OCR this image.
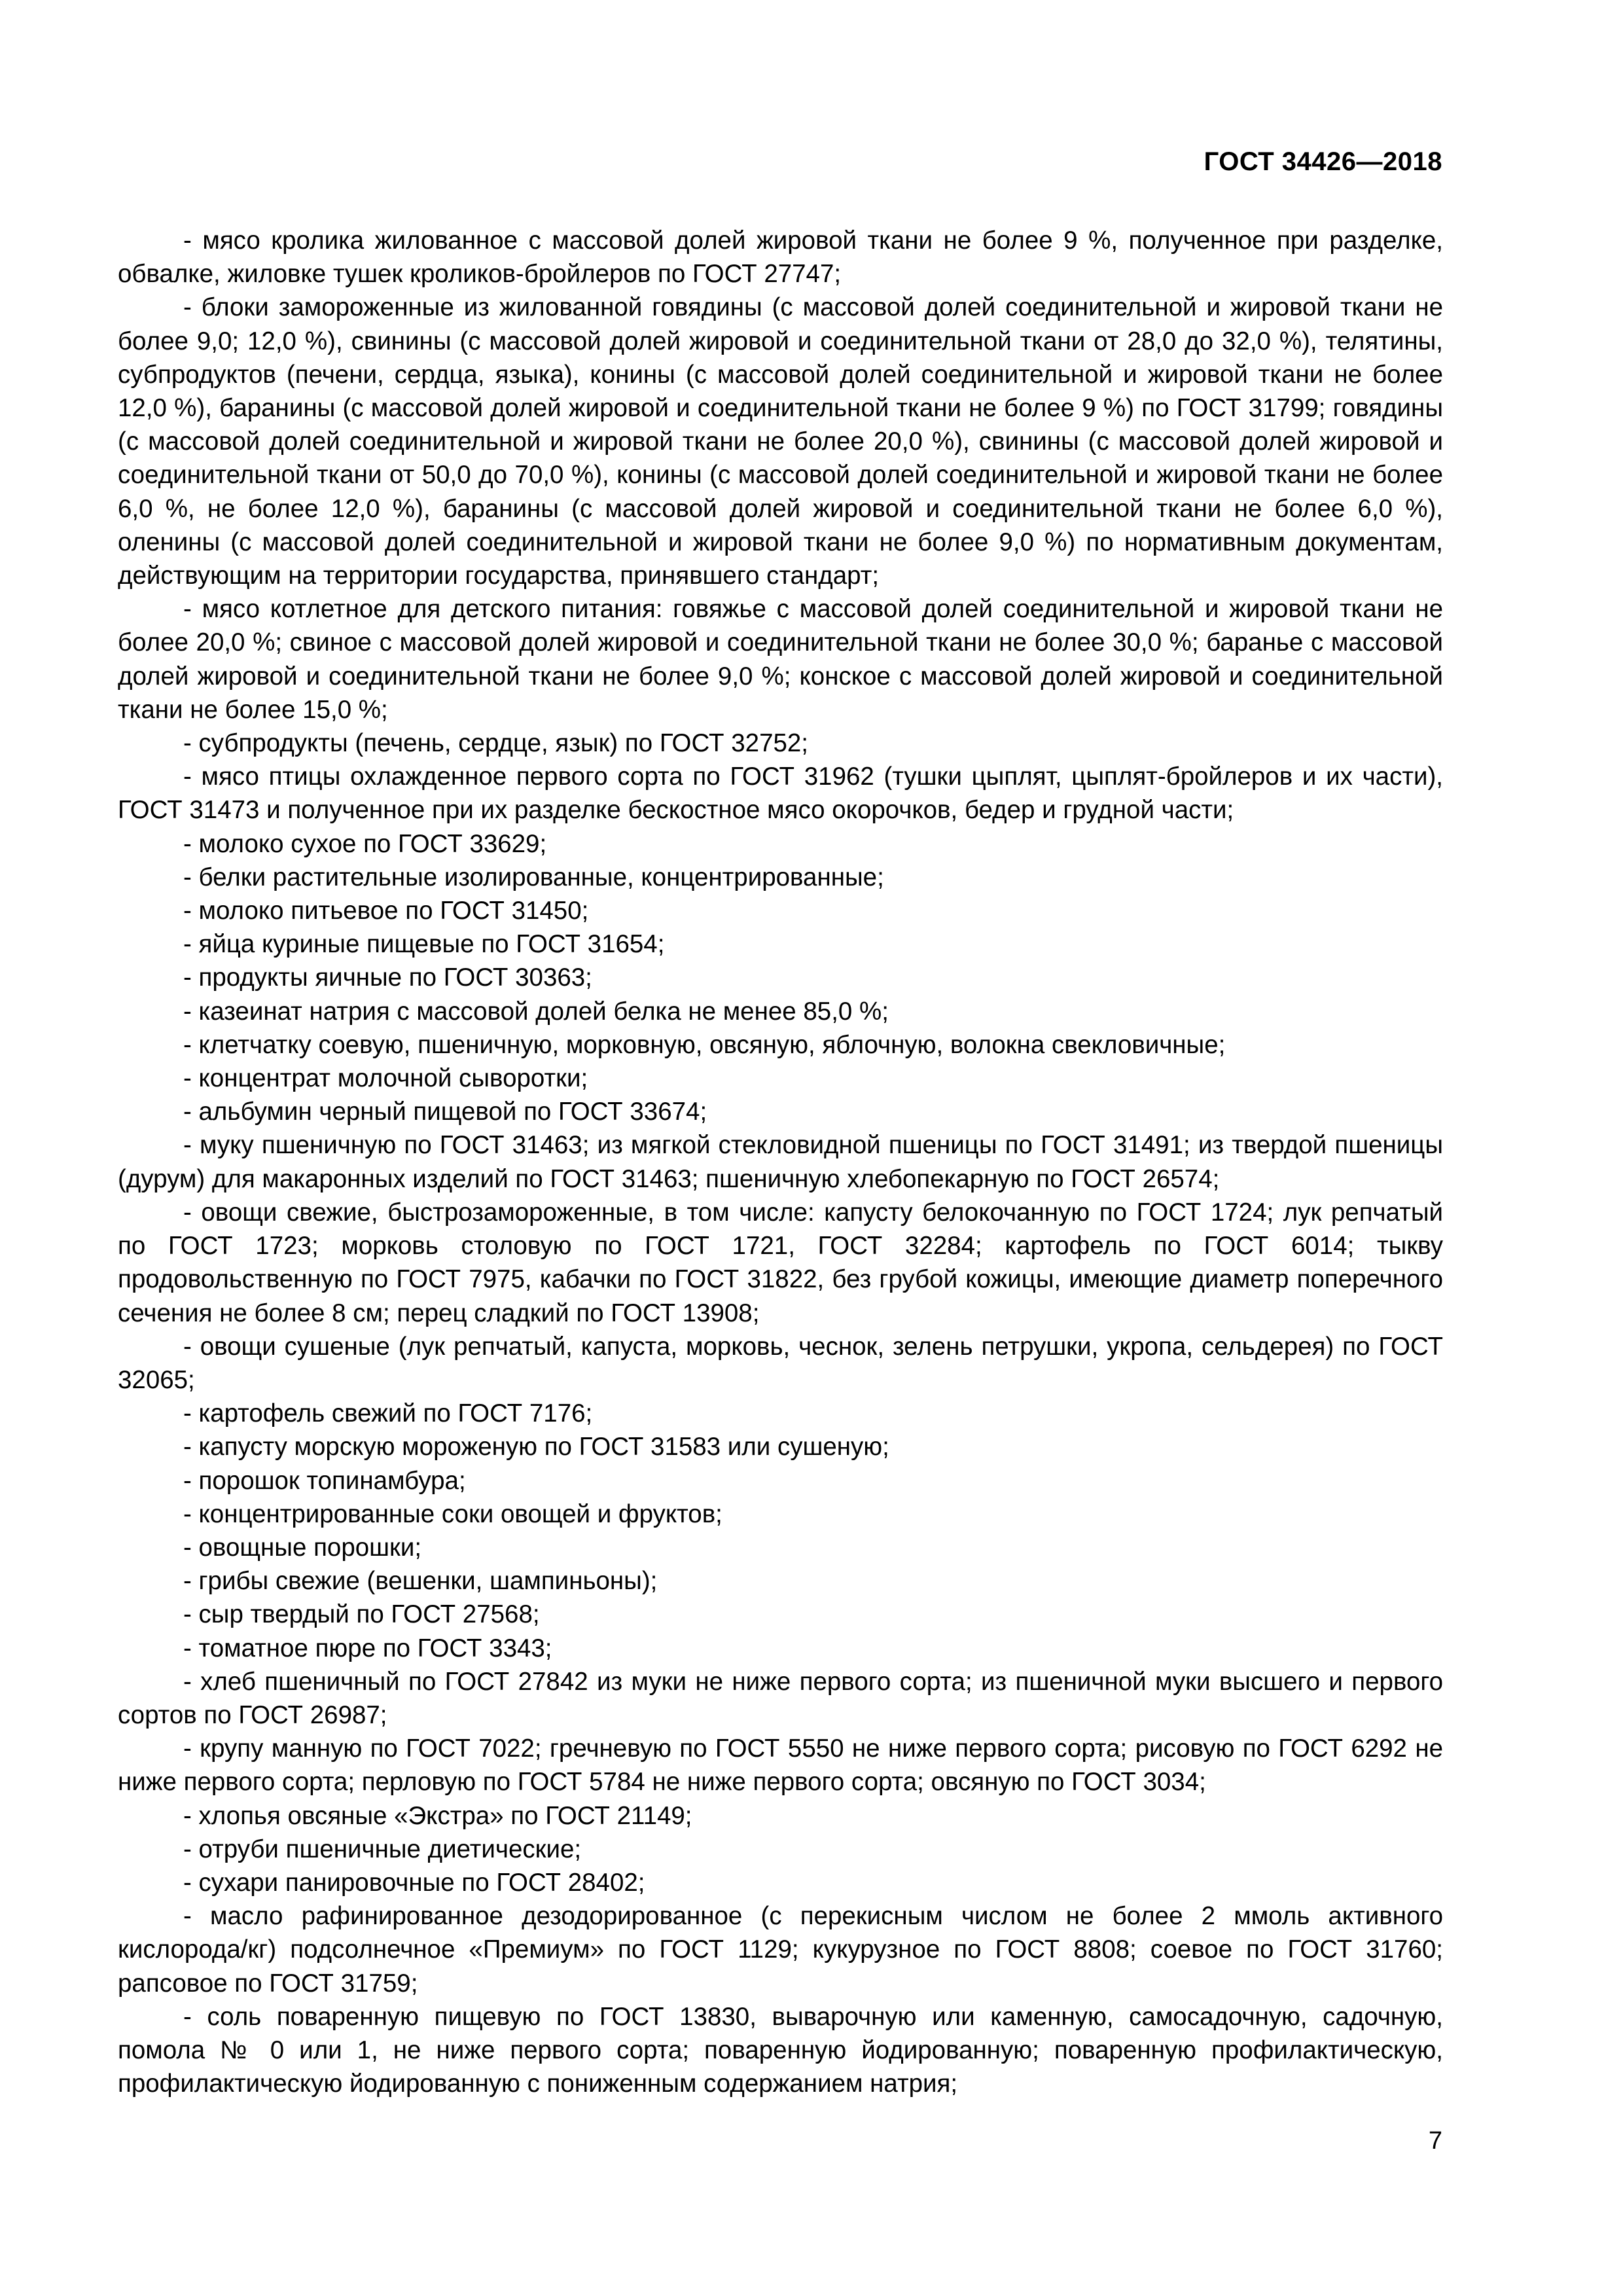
ГОСТ 34426—2018

- мясо кролика жилованное с массовой долей жировой ткани не более 9 %, полученное при разделке, обвалке, жиловке тушек кроликов-бройлеров по ГОСТ 27747;

- блоки замороженные из жилованной говядины (с массовой долей соединительной и жировой ткани не более 9,0; 12,0 %), свинины (с массовой долей жировой и соединительной ткани от 28,0 до 32,0 %), телятины, субпродуктов (печени, сердца, языка), конины (с массовой долей соединительной и жировой ткани не более 12,0 %), баранины (с массовой долей жировой и соединительной ткани не более 9 %) по ГОСТ 31799; говядины (с массовой долей соединительной и жировой ткани не более 20,0 %), свинины (с массовой долей жировой и соединительной ткани от 50,0 до 70,0 %), конины (с массовой долей соединительной и жировой ткани не более 6,0 %, не более 12,0 %), баранины (с массовой долей жировой и соединительной ткани не более 6,0 %), оленины (с массовой долей соединительной и жировой ткани не более 9,0 %) по нормативным документам, действующим на территории государства, принявшего стандарт;

- мясо котлетное для детского питания: говяжье с массовой долей соединительной и жировой ткани не более 20,0 %; свиное с массовой долей жировой и соединительной ткани не более 30,0 %; баранье с массовой долей жировой и соединительной ткани не более 9,0 %; конское с массовой долей жировой и соединительной ткани не более 15,0 %;

- субпродукты (печень, сердце, язык) по ГОСТ 32752;

- мясо птицы охлажденное первого сорта по ГОСТ 31962 (тушки цыплят, цыплят-бройлеров и их части), ГОСТ 31473 и полученное при их разделке бескостное мясо окорочков, бедер и грудной части;

- молоко сухое по ГОСТ 33629;

- белки растительные изолированные, концентрированные;

- молоко питьевое по ГОСТ 31450;

- яйца куриные пищевые по ГОСТ 31654;

- продукты яичные по ГОСТ 30363;

- казеинат натрия с массовой долей белка не менее 85,0 %;

- клетчатку соевую, пшеничную, морковную, овсяную, яблочную, волокна свекловичные;

- концентрат молочной сыворотки;

- альбумин черный пищевой по ГОСТ 33674;

- муку пшеничную по ГОСТ 31463; из мягкой стекловидной пшеницы по ГОСТ 31491; из твердой пшеницы (дурум) для макаронных изделий по ГОСТ 31463; пшеничную хлебопекарную по ГОСТ 26574;

- овощи свежие, быстрозамороженные, в том числе: капусту белокочанную по ГОСТ 1724; лук репчатый по ГОСТ 1723; морковь столовую по ГОСТ 1721, ГОСТ 32284; картофель по ГОСТ 6014; тыкву продовольственную по ГОСТ 7975, кабачки по ГОСТ 31822, без грубой кожицы, имеющие диаметр поперечного сечения не более 8 см; перец сладкий по ГОСТ 13908;

- овощи сушеные (лук репчатый, капуста, морковь, чеснок, зелень петрушки, укропа, сельдерея) по ГОСТ 32065;

- картофель свежий по ГОСТ 7176;

- капусту морскую мороженую по ГОСТ 31583 или сушеную;

- порошок топинамбура;

- концентрированные соки овощей и фруктов;

- овощные порошки;

- грибы свежие (вешенки, шампиньоны);

- сыр твердый по ГОСТ 27568;

- томатное пюре по ГОСТ 3343;

- хлеб пшеничный по ГОСТ 27842 из муки не ниже первого сорта; из пшеничной муки высшего и первого сортов по ГОСТ 26987;

- крупу манную по ГОСТ 7022; гречневую по ГОСТ 5550 не ниже первого сорта; рисовую по ГОСТ 6292 не ниже первого сорта; перловую по ГОСТ 5784 не ниже первого сорта; овсяную по ГОСТ 3034;

- хлопья овсяные «Экстра» по ГОСТ 21149;

- отруби пшеничные диетические;

- сухари панировочные по ГОСТ 28402;

- масло рафинированное дезодорированное (с перекисным числом не более 2 ммоль активного кислорода/кг) подсолнечное «Премиум» по ГОСТ 1129; кукурузное по ГОСТ 8808; соевое по ГОСТ 31760; рапсовое по ГОСТ 31759;

- соль поваренную пищевую по ГОСТ 13830, выварочную или каменную, самосадочную, садочную, помола № 0 или 1, не ниже первого сорта; поваренную йодированную; поваренную профилактическую, профилактическую йодированную с пониженным содержанием натрия;

7
